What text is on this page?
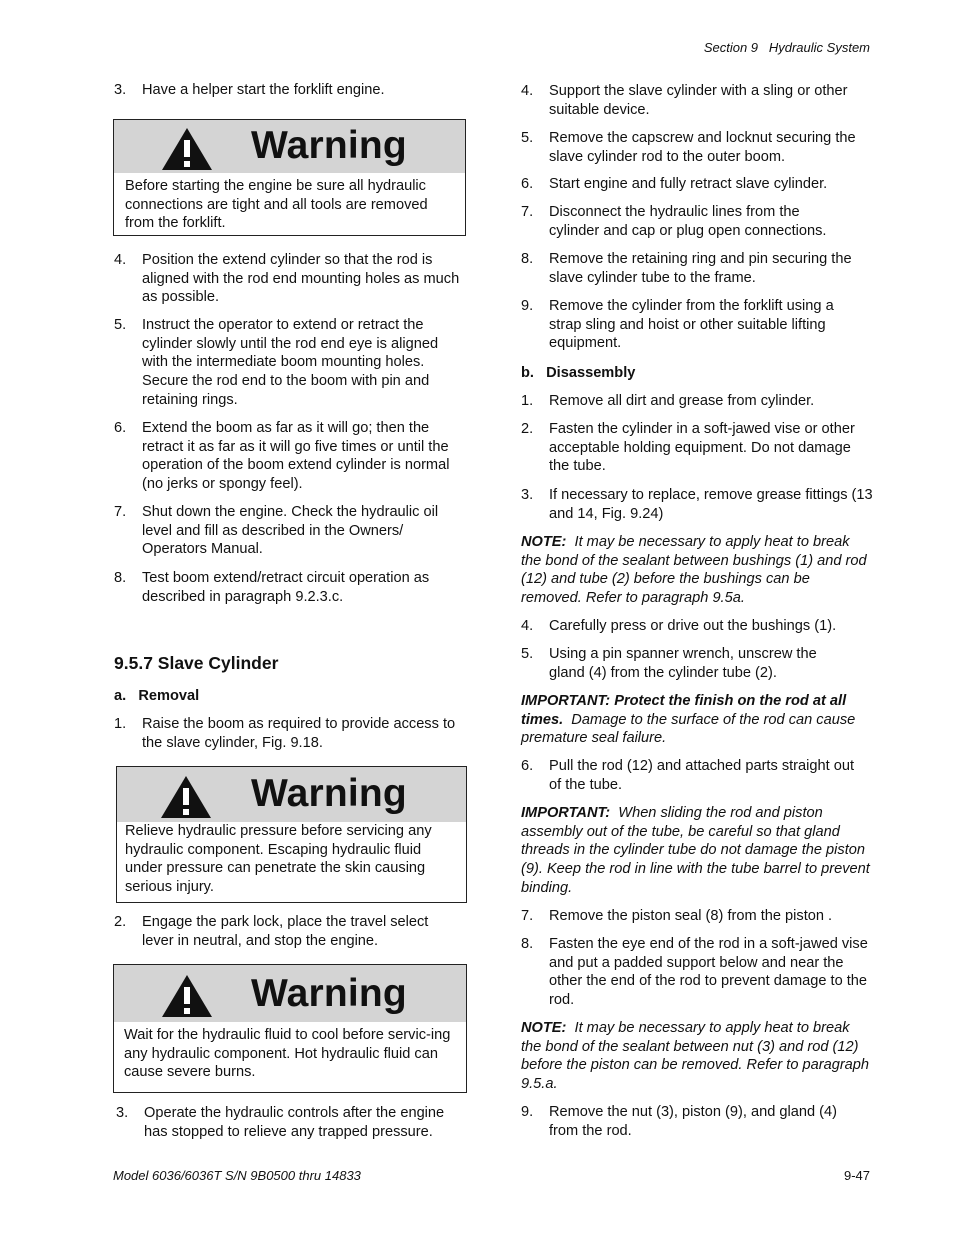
Section 9 Hydraulic System
3. Have a helper start the forklift engine.
Warning
Before starting the engine be sure all hydraulic connections are tight and all tools are removed from the forklift.
4. Position the extend cylinder so that the rod is aligned with the rod end mounting holes as much as possible.
5. Instruct the operator to extend or retract the cylinder slowly until the rod end eye is aligned with the intermediate boom mounting holes. Secure the rod end to the boom with pin and retaining rings.
6. Extend the boom as far as it will go; then the retract it as far as it will go five times or until the operation of the boom extend cylinder is normal (no jerks or spongy feel).
7. Shut down the engine. Check the hydraulic oil level and fill as described in the Owners/ Operators Manual.
8. Test boom extend/retract circuit operation as described in paragraph 9.2.3.c.
9.5.7 Slave Cylinder
a.   Removal
1. Raise the boom as required to provide access to the slave cylinder, Fig. 9.18.
Warning
Relieve hydraulic pressure before servicing any hydraulic component. Escaping hydraulic fluid under pressure can penetrate the skin causing serious injury.
2. Engage the park lock, place the travel select lever in neutral, and stop the engine.
Warning
Wait for the hydraulic fluid to cool before servic-ing any hydraulic component. Hot hydraulic fluid can cause severe burns.
3. Operate the hydraulic controls after the engine has stopped to relieve any trapped pressure.
4. Support the slave cylinder with a sling or other suitable device.
5. Remove the capscrew and locknut securing the slave cylinder rod to the outer boom.
6. Start engine and fully retract slave cylinder.
7. Disconnect the hydraulic lines from the cylinder and cap or plug open connections.
8. Remove the retaining ring and pin securing the slave cylinder tube to the frame.
9. Remove the cylinder from the forklift using a strap sling and hoist or other suitable lifting equipment.
b.   Disassembly
1. Remove all dirt and grease from cylinder.
2. Fasten the cylinder in a soft-jawed vise or other acceptable holding equipment. Do not damage the tube.
3. If necessary to replace, remove grease fittings (13 and 14, Fig. 9.24)
NOTE: It may be necessary to apply heat to break the bond of the sealant between bushings (1) and rod (12) and tube (2) before the bushings can be removed. Refer to paragraph 9.5a.
4. Carefully press or drive out the bushings (1).
5. Using a pin spanner wrench, unscrew the gland (4) from the cylinder tube (2).
IMPORTANT: Protect the finish on the rod at all times. Damage to the surface of the rod can cause premature seal failure.
6. Pull the rod (12) and attached parts straight out of the tube.
IMPORTANT: When sliding the rod and piston assembly out of the tube, be careful so that gland threads in the cylinder tube do not damage the piston (9). Keep the rod in line with the tube barrel to prevent binding.
7. Remove the piston seal (8) from the piston .
8. Fasten the eye end of the rod in a soft-jawed vise and put a padded support below and near the other the end of the rod to prevent damage to the rod.
NOTE: It may be necessary to apply heat to break the bond of the sealant between nut (3) and rod (12) before the piston can be removed. Refer to paragraph 9.5.a.
9. Remove the nut (3), piston (9), and gland (4) from the rod.
Model 6036/6036T S/N 9B0500 thru 14833	9-47
